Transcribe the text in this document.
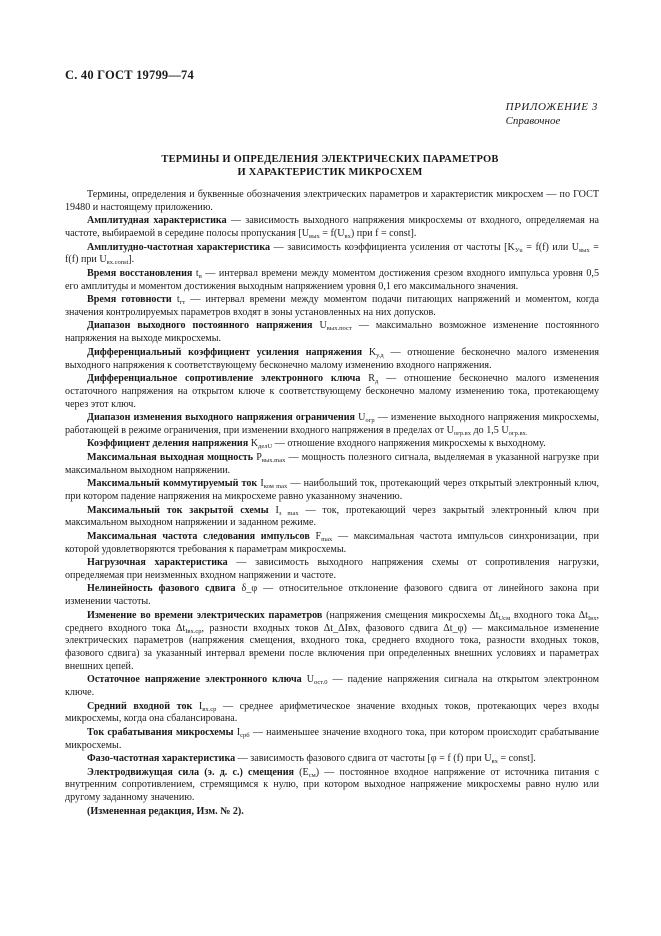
С. 40 ГОСТ 19799—74
ПРИЛОЖЕНИЕ 3
Справочное
ТЕРМИНЫ И ОПРЕДЕЛЕНИЯ ЭЛЕКТРИЧЕСКИХ ПАРАМЕТРОВ
И ХАРАКТЕРИСТИК МИКРОСХЕМ

Термины, определения и буквенные обозначения электрических параметров и характеристик микросхем — по ГОСТ 19480 и настоящему приложению.

Амплитудная характеристика — зависимость выходного напряжения микросхемы от входного, определяемая на частоте, выбираемой в середине полосы пропускания [$U_{вых} = f(U_{вх})$ при f = const].

Амплитудно-частотная характеристика — зависимость коэффициента усиления от частоты [$K_{Уu} = f(f)$ или $U_{вых} = f(f)$ при $U_{вх.const}$].

Время восстановления $t_в$ — интервал времени между моментом достижения срезом входного импульса уровня 0,5 его амплитуды и моментом достижения выходным напряжением уровня 0,1 его максимального значения.

Время готовности $t_{гт}$ — интервал времени между моментом подачи питающих напряжений и моментом, когда значения контролируемых параметров входят в зоны установленных на них допусков.

Диапазон выходного постоянного напряжения $U_{вых.пост}$ — максимально возможное изменение постоянного напряжения на выходе микросхемы.

Дифференциальный коэффициент усиления напряжения $K_{у.д}$ — отношение бесконечно малого изменения выходного напряжения к соответствующему бесконечно малому изменению входного напряжения.

Дифференциальное сопротивление электронного ключа $R_д$ — отношение бесконечно малого изменения остаточного напряжения на открытом ключе к соответствующему бесконечно малому изменению тока, протекающему через этот ключ.

Диапазон изменения выходного напряжения ограничения $U_{огр}$ — изменение выходного напряжения микросхемы, работающей в режиме ограничения, при изменении входного напряжения в пределах от $U_{огр.вх}$ до 1,5 $U_{огр.вх.}$

Коэффициент деления напряжения $K_{делU}$ — отношение входного напряжения микросхемы к выходному.

Максимальная выходная мощность $P_{вых.max}$ — мощность полезного сигнала, выделяемая в указанной нагрузке при максимальном выходном напряжении.

Максимальный коммутируемый ток $I_{ком max}$ — наибольший ток, протекающий через открытый электронный ключ, при котором падение напряжения на микросхеме равно указанному значению.

Максимальный ток закрытой схемы $I_{з max}$ — ток, протекающий через закрытый электронный ключ при максимальном выходном напряжении и заданном режиме.

Максимальная частота следования импульсов $F_{max}$ — максимальная частота импульсов синхронизации, при которой удовлетворяются требования к параметрам микросхемы.

Нагрузочная характеристика — зависимость выходного напряжения схемы от сопротивления нагрузки, определяемая при неизменных входном напряжении и частоте.

Нелинейность фазового сдвига δ_φ — относительное отклонение фазового сдвига от линейного закона при изменении частоты.

Изменение во времени электрических параметров (напряжения смещения микросхемы $\Delta t_{Uсм}$ входного тока $\Delta t_{Iвх}$, среднего входного тока $\Delta t_{Iвх.ср}$, разности входных токов Δt_ΔIвх, фазового сдвига Δt_φ) — максимальное изменение электрических параметров (напряжения смещения, входного тока, среднего входного тока, разности входных токов, фазового сдвига) за указанный интервал времени после включения при определенных внешних условиях и параметрах внешних цепей.

Остаточное напряжение электронного ключа $U_{ост.0}$ — падение напряжения сигнала на открытом электронном ключе.

Средний входной ток $I_{вх.ср}$ — среднее арифметическое значение входных токов, протекающих через входы микросхемы, когда она сбалансирована.

Ток срабатывания микросхемы $I_{срб}$ — наименьшее значение входного тока, при котором происходит срабатывание микросхемы.

Фазо-частотная характеристика — зависимость фазового сдвига от частоты [φ = f (f) при $U_{вх}$ = const].

Электродвижущая сила (э. д. с.) смещения $(E_{см})$ — постоянное входное напряжение от источника питания с внутренним сопротивлением, стремящимся к нулю, при котором выходное напряжение микросхемы равно нулю или другому заданному значению.

(Измененная редакция, Изм. № 2).
